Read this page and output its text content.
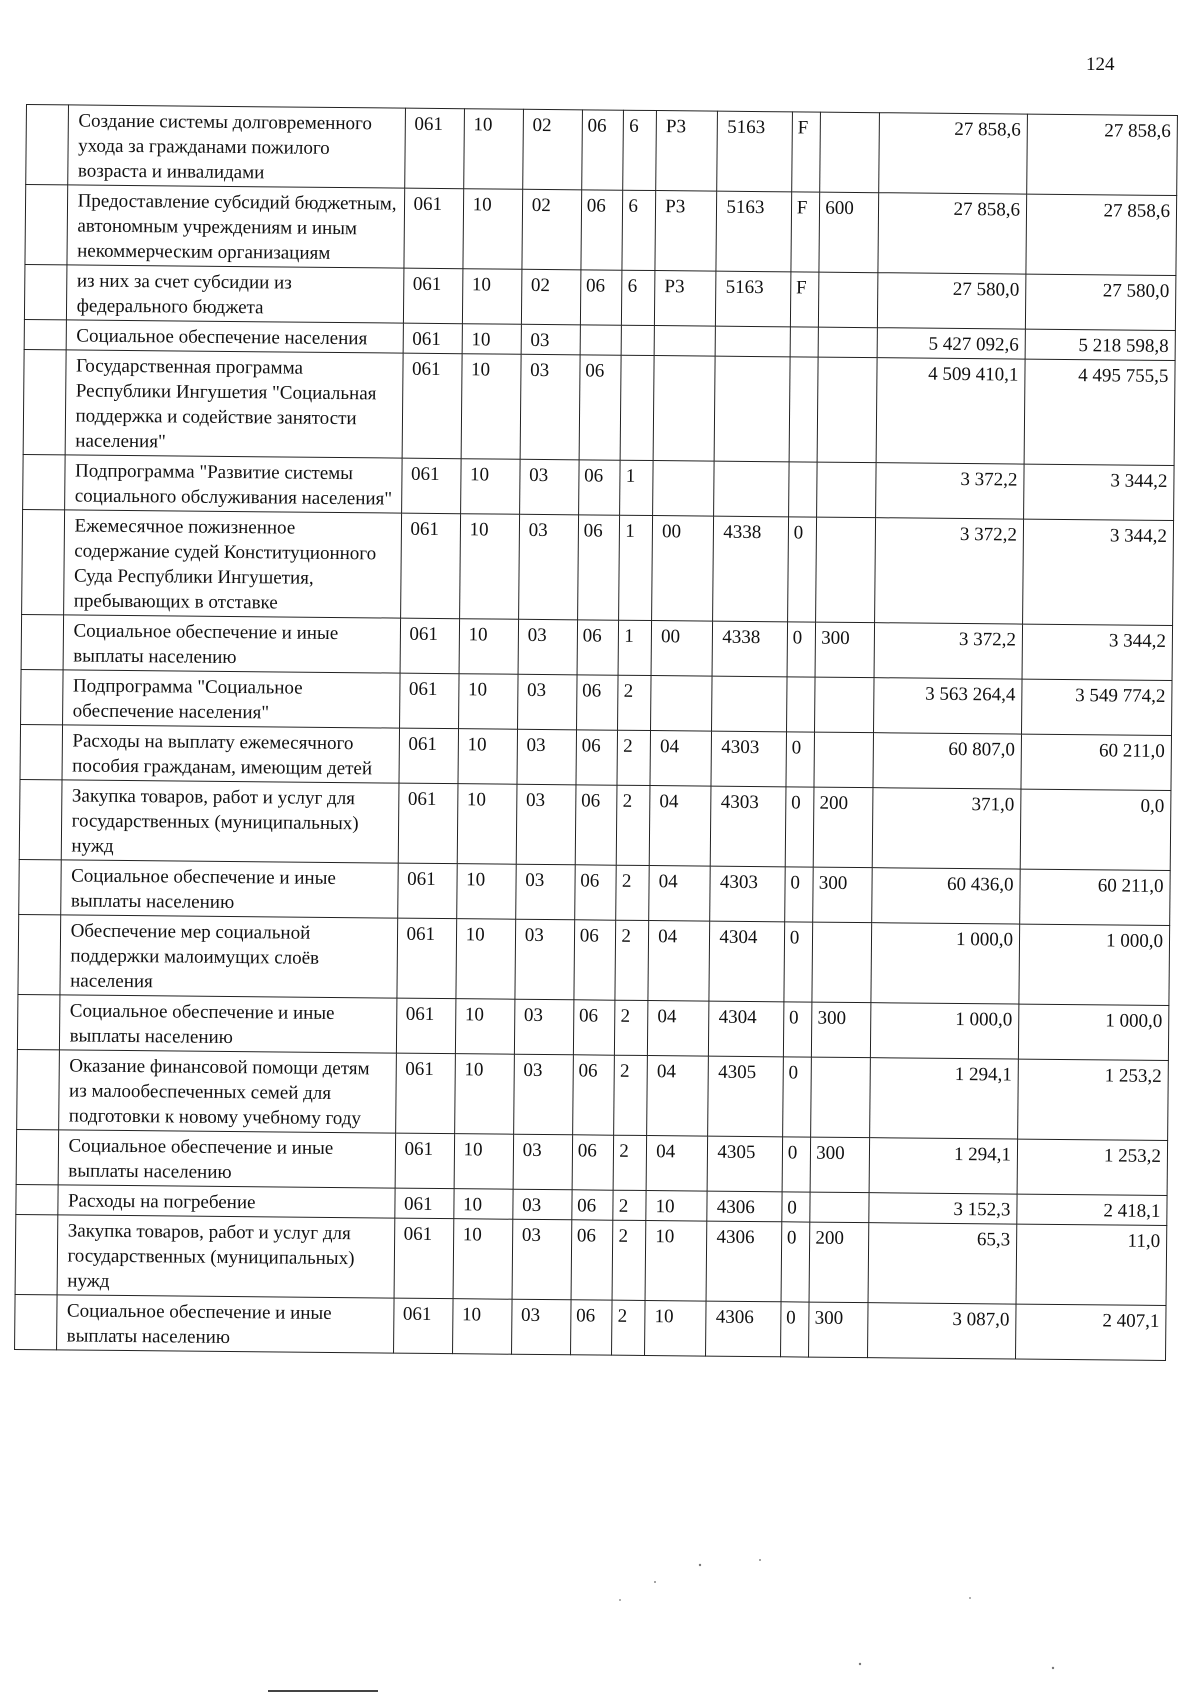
124
	Создание системы долговременного ухода за гражданами пожилого возраста и инвалидами	061	10	02	06	6	P3	5163	F		27 858,6	27 858,6
	Предоставление субсидий бюджетным, автономным учреждениям и иным некоммерческим организациям	061	10	02	06	6	P3	5163	F	600	27 858,6	27 858,6
	из них за счет субсидии из федерального бюджета	061	10	02	06	6	P3	5163	F		27 580,0	27 580,0
	Социальное обеспечение населения	061	10	03							5 427 092,6	5 218 598,8
	Государственная программа Республики Ингушетия "Социальная поддержка и содействие занятости населения"	061	10	03	06						4 509 410,1	4 495 755,5
	Подпрограмма "Развитие системы социального обслуживания населения"	061	10	03	06	1					3 372,2	3 344,2
	Ежемесячное пожизненное содержание судей Конституционного Суда Республики Ингушетия, пребывающих в отставке	061	10	03	06	1	00	4338	0		3 372,2	3 344,2
	Социальное обеспечение и иные выплаты населению	061	10	03	06	1	00	4338	0	300	3 372,2	3 344,2
	Подпрограмма "Социальное обеспечение населения"	061	10	03	06	2					3 563 264,4	3 549 774,2
	Расходы на выплату ежемесячного пособия гражданам, имеющим детей	061	10	03	06	2	04	4303	0		60 807,0	60 211,0
	Закупка товаров, работ и услуг для государственных (муниципальных) нужд	061	10	03	06	2	04	4303	0	200	371,0	0,0
	Социальное обеспечение и иные выплаты населению	061	10	03	06	2	04	4303	0	300	60 436,0	60 211,0
	Обеспечение мер социальной поддержки малоимущих слоёв населения	061	10	03	06	2	04	4304	0		1 000,0	1 000,0
	Социальное обеспечение и иные выплаты населению	061	10	03	06	2	04	4304	0	300	1 000,0	1 000,0
	Оказание финансовой помощи детям из малообеспеченных семей для подготовки к новому учебному году	061	10	03	06	2	04	4305	0		1 294,1	1 253,2
	Социальное обеспечение и иные выплаты населению	061	10	03	06	2	04	4305	0	300	1 294,1	1 253,2
	Расходы на погребение	061	10	03	06	2	10	4306	0		3 152,3	2 418,1
	Закупка товаров, работ и услуг для государственных (муниципальных) нужд	061	10	03	06	2	10	4306	0	200	65,3	11,0
	Социальное обеспечение и иные выплаты населению	061	10	03	06	2	10	4306	0	300	3 087,0	2 407,1
